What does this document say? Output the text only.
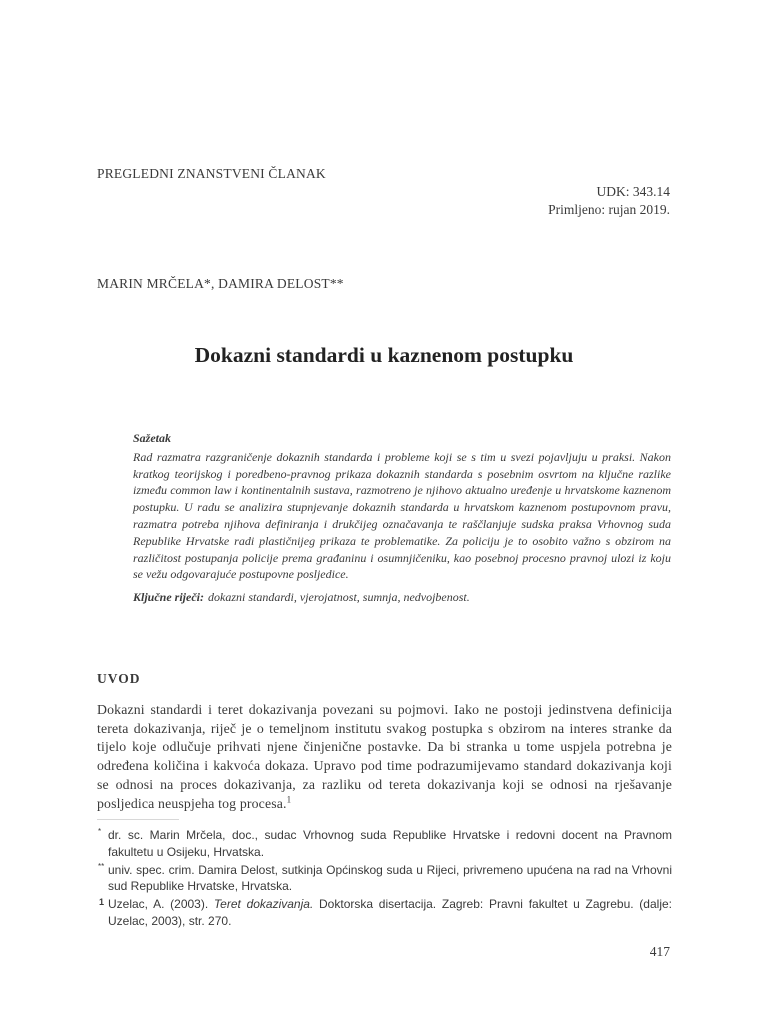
PREGLEDNI ZNANSTVENI ČLANAK
UDK: 343.14
Primljeno: rujan 2019.
MARIN MRČELA*, DAMIRA DELOST**
Dokazni standardi u kaznenom postupku
Sažetak
Rad razmatra razgraničenje dokaznih standarda i probleme koji se s tim u svezi pojavljuju u praksi. Nakon kratkog teorijskog i poredbeno-pravnog prikaza dokaznih standarda s posebnim osvrtom na ključne razlike između common law i kontinentalnih sustava, razmotreno je njihovo aktualno uređenje u hrvatskome kaznenom postupku. U radu se analizira stupnjevanje dokaznih standarda u hrvatskom kaznenom postupovnom pravu, razmatra potreba njihova definiranja i drukčijeg označavanja te raščlanjuje sudska praksa Vrhovnog suda Republike Hrvatske radi plastičnijeg prikaza te problematike. Za policiju je to osobito važno s obzirom na različitost postupanja policije prema građaninu i osumnjičeniku, kao posebnoj procesno pravnoj ulozi iz koju se vežu odgovarajuće postupovne posljedice.
Ključne riječi: dokazni standardi, vjerojatnost, sumnja, nedvojbenost.
UVOD
Dokazni standardi i teret dokazivanja povezani su pojmovi. Iako ne postoji jedinstvena definicija tereta dokazivanja, riječ je o temeljnom institutu svakog postupka s obzirom na interes stranke da tijelo koje odlučuje prihvati njene činjenične postavke. Da bi stranka u tome uspjela potrebna je određena količina i kakvoća dokaza. Upravo pod time podrazumijevamo standard dokazivanja koji se odnosi na proces dokazivanja, za razliku od tereta dokazivanja koji se odnosi na rješavanje posljedica neuspjeha tog procesa.$^1$
* dr. sc. Marin Mrčela, doc., sudac Vrhovnog suda Republike Hrvatske i redovni docent na Pravnom fakultetu u Osijeku, Hrvatska.
** univ. spec. crim. Damira Delost, sutkinja Općinskog suda u Rijeci, privremeno upućena na rad na Vrhovni sud Republike Hrvatske, Hrvatska.
1 Uzelac, A. (2003). Teret dokazivanja. Doktorska disertacija. Zagreb: Pravni fakultet u Zagrebu. (dalje: Uzelac, 2003), str. 270.
417
